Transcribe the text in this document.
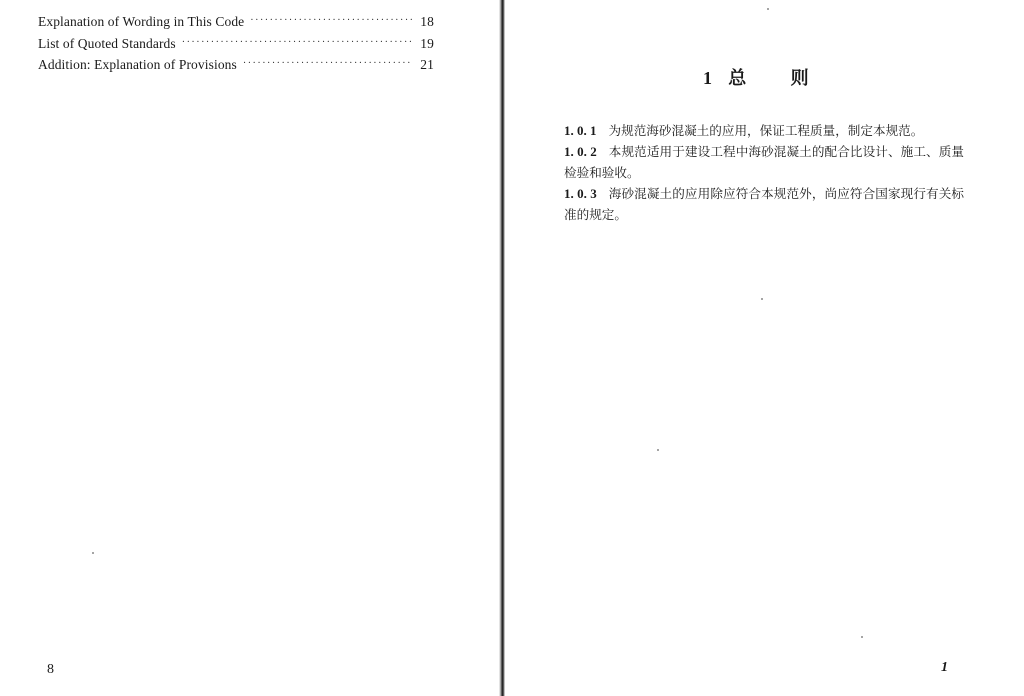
Explanation of Wording in This Code ·····	18
List of Quoted Standards ·····	19
Addition: Explanation of Provisions ·····	21
8
1 总 则
1. 0. 1 为规范海砂混凝土的应用，保证工程质量，制定本规范。
1. 0. 2 本规范适用于建设工程中海砂混凝土的配合比设计、施工、质量检验和验收。
1. 0. 3 海砂混凝土的应用除应符合本规范外，尚应符合国家现行有关标准的规定。
1
